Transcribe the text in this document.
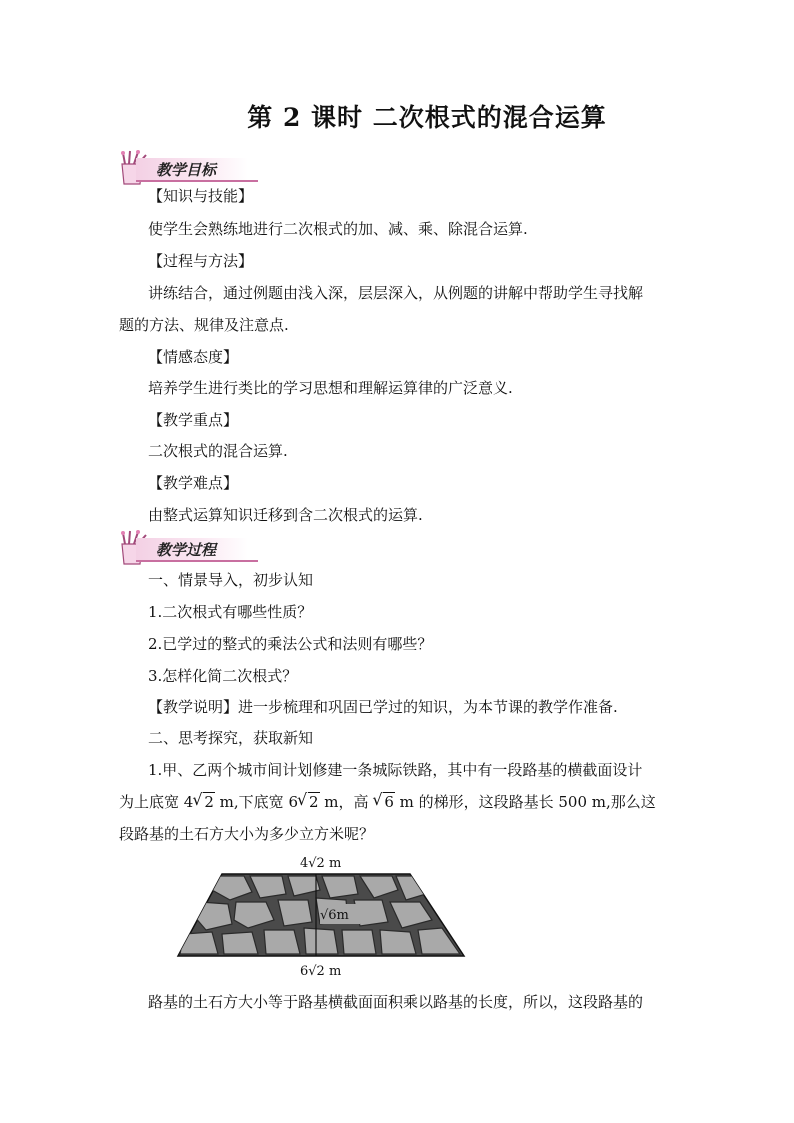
第 2 课时 二次根式的混合运算
教学目标
【知识与技能】
使学生会熟练地进行二次根式的加、减、乘、除混合运算.
【过程与方法】
讲练结合，通过例题由浅入深，层层深入，从例题的讲解中帮助学生寻找解
题的方法、规律及注意点.
【情感态度】
培养学生进行类比的学习思想和理解运算律的广泛意义.
【教学重点】
二次根式的混合运算.
【教学难点】
由整式运算知识迁移到含二次根式的运算.
教学过程
一、情景导入，初步认知
1.二次根式有哪些性质？
2.已学过的整式的乘法公式和法则有哪些？
3.怎样化简二次根式？
【教学说明】进一步梳理和巩固已学过的知识，为本节课的教学作准备.
二、思考探究，获取新知
1.甲、乙两个城市间计划修建一条城际铁路，其中有一段路基的横截面设计
为上底宽 4 √ 2 m,下底宽 6 √ 2 m，高 √ 6 m 的梯形，这段路基长 500 m,那么这
段路基的土石方大小为多少立方米呢？
√6m
4√2 m
6√2 m
路基的土石方大小等于路基横截面面积乘以路基的长度，所以，这段路基的
